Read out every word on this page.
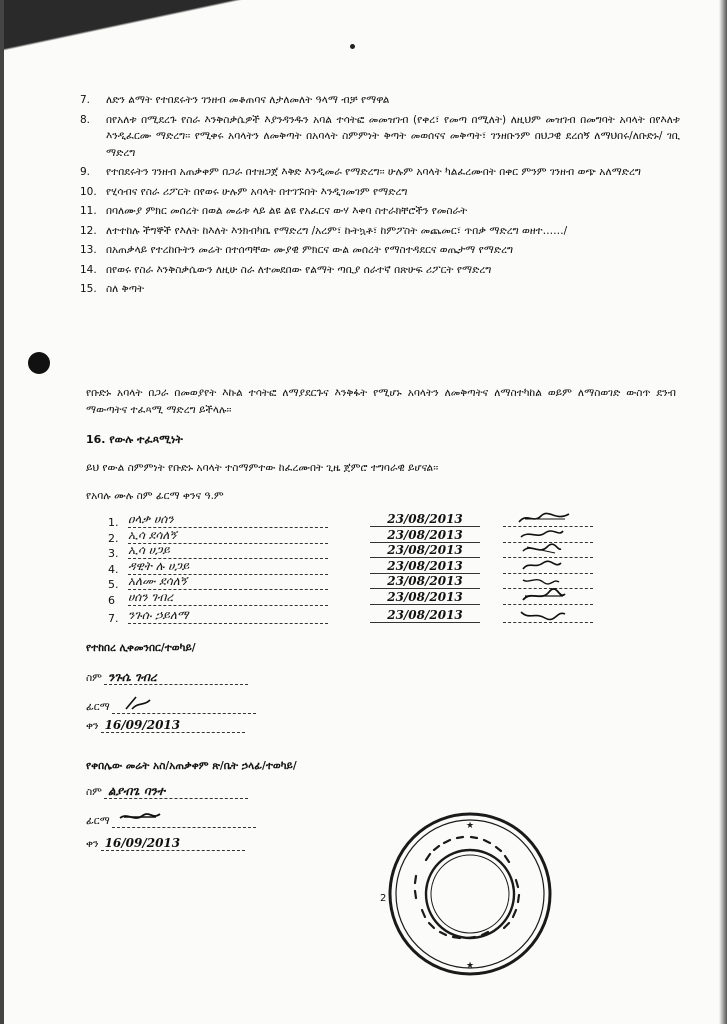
7.	ለድን ልማት የተበደሩትን ገንዘብ መቆጠባና ለታለመለት ዓላማ ብቻ የማዋል
8.	በየአለቱ በሚደረጉ የስራ እንቅስቃሴዎች እያንዳንዱን አባል ተሳትፎ መመዝገብ (የቀረ፣ የመጣ በሚለት) ለዚህም መዝገብ በመግባት አባላት በየእለቱ እንዲፈርሙ ማድረግ፡፡ የሚቀሩ አባላትን ለመቅጣት በአባላት ስምምነት ቅጣት መወሰናና መቅጣት፣ ገንዘቡንም በህጋዊ ደረሰኝ ለማህበሩ/ለቡድኑ/ ገቢ ማድረግ
9.	የተበደሩትን ገንዘብ አጠቃቀም በጋራ በተዘጋጀ እቅድ እንዲመራ የማድረግ፡፡ ሁሉም አባላት ካልፈረሙበት በቀር ምንም ገንዘብ ወጭ አለማድረግ
10. የሂሳብና የስራ ሪፖርት በየወሩ ሁሉም አባላት በተገኙበት እንዲገመገም የማድረግ
11. በባለሙያ ምክር መሰረት በወል መሬቱ ላይ ልዩ ልዩ የአፈርና ውሃ እቀባ ስተራክቸሮችን የመስራት
12. ለተተከሉ ችግኞች የእለት ከእለት እንክብካቤ የማድረግ /አረም፣ ኩትኳቶ፣ ከምፖስት መጨመር፣ ጥበቃ ማድረግ ወዘተ……/
13. በአጠቃላይ የተረከቡትን መሬት በተሰጣቸው ሙያዊ ምክርና ውል መሰረት የማስተዳደርና ወጤታማ የማድረግ
14. በየወሩ የስራ እንቅስቃሴውን ለዚሁ ስራ ለተመደበው የልማት ጣቢያ ሰራተኛ በጽሁፍ ሪፖርት የማድረግ
15. ስለ ቅጣት
የቡድኑ አባላት በጋራ በመወያየት እኩል ተሳትፎ ለማያደርጉና እንቅፋት የሚሆኑ አባላትን ለመቅጣትና ለማስተካከል ወይም ለማስወገድ ውስጥ ደንብ ማውጣትና ተፈጻሚ ማድረግ ይችላሉ፡፡
16. የውሉ ተፈጻሚነት
ይህ የውል ስምምነት የቡድኑ አባላት ተስማምተው ከፈረሙበት ጊዜ ጀምሮ ተግባራዊ ይሆናል፡፡
የአባሉ ሙሉ ስም ፊርማ ቀንና ዓ.ም
1. ዐላቃ ሀሰን	23/08/2013
2. ኢሳ ደሳለኝ	23/08/2013
3. ኢሳ ሀጋይ	23/08/2013
4. ዳዊት ሉ ሀጋይ	23/08/2013
5. አለሙ ደሳለኝ	23/08/2013
6 ሀሰን ገብረ	23/08/2013
7. ንጉሱ ኃይለማ	23/08/2013
የተከበረ ሊቀመንበር/ተወካይ/
ስም ንጉሴ ገብረ
ፊርማ
ቀን 16/09/2013
የቀበሌው መሬት አስ/አጠቃቀም ጽ/ቤት ኃላፊ/ተወካይ/
ስም ልያብጌ ባንተ
ፊርማ
ቀን 16/09/2013
2
★
★
